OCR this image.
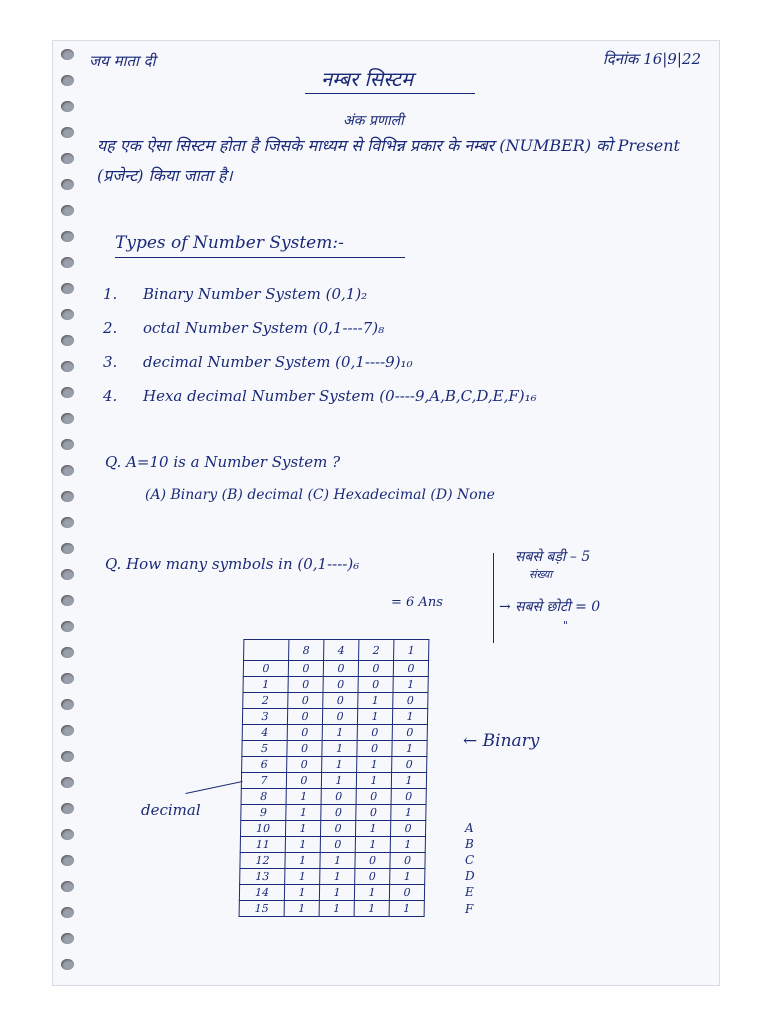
जय माता दी	दिनांक 16|9|22
नम्बर सिस्टम
अंक प्रणाली
यह एक ऐसा सिस्टम होता है जिसके माध्यम से विभिन्न प्रकार के नम्बर (NUMBER) को Present (प्रजेन्ट) किया जाता है।
Types of Number System:-
1. Binary Number System (0,1)₂
2. octal Number System (0,1----7)₈
3. decimal Number System (0,1----9)₁₀
4. Hexa decimal Number System (0----9,A,B,C,D,E,F)₁₆
Q. A=10 is a Number System ?
(A) Binary (B) decimal (C) Hexadecimal (D) None
Q. How many symbols in (0,1----)₆
= 6 Ans
सबसे बड़ी – 5
संख्या
→ सबसे छोटी = 0
"
	8	4	2	1
0	0	0	0	0
1	0	0	0	1
2	0	0	1	0
3	0	0	1	1
4	0	1	0	0
5	0	1	0	1
6	0	1	1	0
7	0	1	1	1
8	1	0	0	0
9	1	0	0	1
10	1	0	1	0
11	1	0	1	1
12	1	1	0	0
13	1	1	0	1
14	1	1	1	0
15	1	1	1	1
A
B
C
D
E
F
← Binary
decimal
